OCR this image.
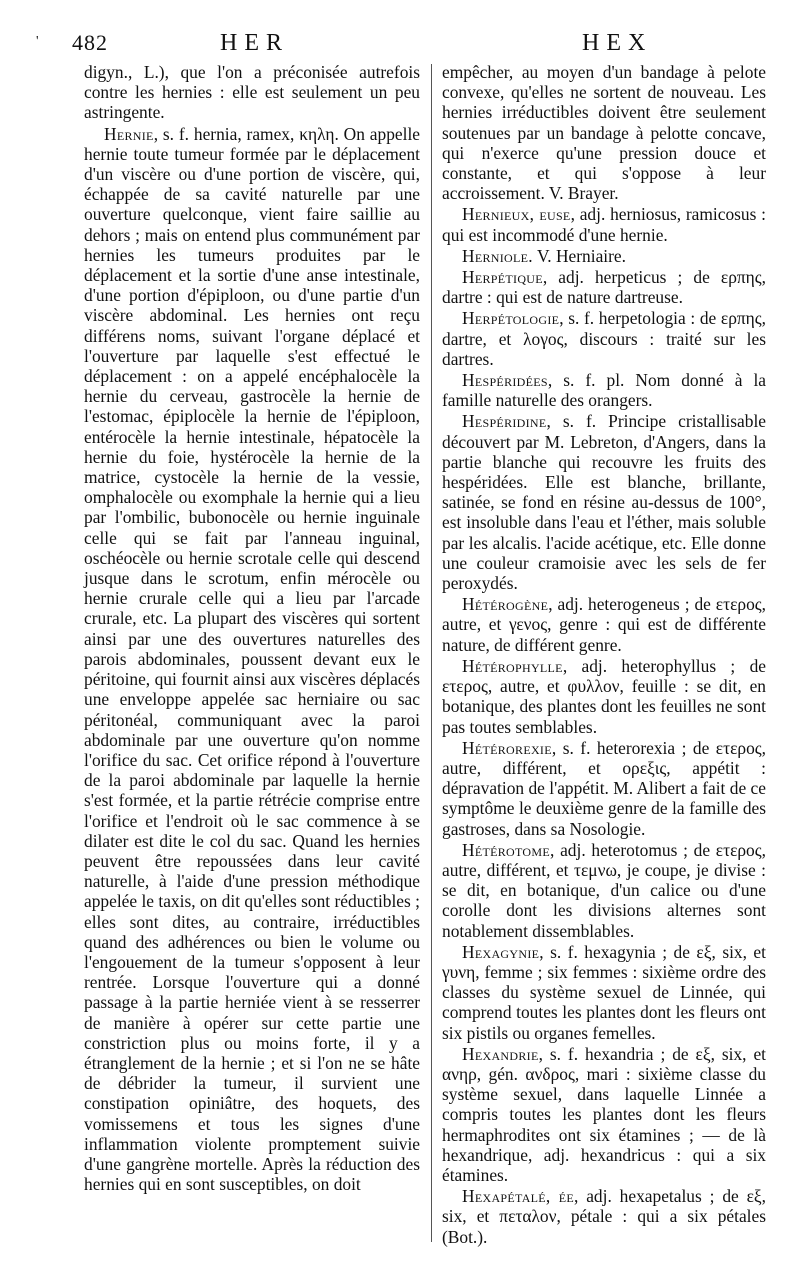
' 482	HER	HEX

digyn., L.), que l'on a préconisée autrefois contre les hernies : elle est seulement un peu astringente.

Hernie, s. f. hernia, ramex, κηλη. On appelle hernie toute tumeur formée par le déplacement d'un viscère ou d'une portion de viscère, qui, échappée de sa cavité naturelle par une ouverture quelconque, vient faire saillie au dehors ; mais on entend plus communément par hernies les tumeurs produites par le déplacement et la sortie d'une anse intestinale, d'une portion d'épiploon, ou d'une partie d'un viscère abdominal. Les hernies ont reçu différens noms, suivant l'organe déplacé et l'ouverture par laquelle s'est effectué le déplacement : on a appelé encéphalocèle la hernie du cerveau, gastrocèle la hernie de l'estomac, épiplocèle la hernie de l'épiploon, entérocèle la hernie intestinale, hépatocèle la hernie du foie, hystérocèle la hernie de la matrice, cystocèle la hernie de la vessie, omphalocèle ou exomphale la hernie qui a lieu par l'ombilic, bubonocèle ou hernie inguinale celle qui se fait par l'anneau inguinal, oschéocèle ou hernie scrotale celle qui descend jusque dans le scrotum, enfin mérocèle ou hernie crurale celle qui a lieu par l'arcade crurale, etc. La plupart des viscères qui sortent ainsi par une des ouvertures naturelles des parois abdominales, poussent devant eux le péritoine, qui fournit ainsi aux viscères déplacés une enveloppe appelée sac herniaire ou sac péritonéal, communiquant avec la paroi abdominale par une ouverture qu'on nomme l'orifice du sac. Cet orifice répond à l'ouverture de la paroi abdominale par laquelle la hernie s'est formée, et la partie rétrécie comprise entre l'orifice et l'endroit où le sac commence à se dilater est dite le col du sac. Quand les hernies peuvent être repoussées dans leur cavité naturelle, à l'aide d'une pression méthodique appelée le taxis, on dit qu'elles sont réductibles ; elles sont dites, au contraire, irréductibles quand des adhérences ou bien le volume ou l'engouement de la tumeur s'opposent à leur rentrée. Lorsque l'ouverture qui a donné passage à la partie herniée vient à se resserrer de manière à opérer sur cette partie une constriction plus ou moins forte, il y a étranglement de la hernie ; et si l'on ne se hâte de débrider la tumeur, il survient une constipation opiniâtre, des hoquets, des vomissemens et tous les signes d'une inflammation violente promptement suivie d'une gangrène mortelle. Après la réduction des hernies qui en sont susceptibles, on doit

empêcher, au moyen d'un bandage à pelote convexe, qu'elles ne sortent de nouveau. Les hernies irréductibles doivent être seulement soutenues par un bandage à pelotte concave, qui n'exerce qu'une pression douce et constante, et qui s'oppose à leur accroissement. V. Brayer.

Hernieux, euse, adj. herniosus, ramicosus : qui est incommodé d'une hernie.

Herniole. V. Herniaire.

Herpétique, adj. herpeticus ; de ερπης, dartre : qui est de nature dartreuse.

Herpétologie, s. f. herpetologia : de ερπης, dartre, et λογος, discours : traité sur les dartres.

Hespéridées, s. f. pl. Nom donné à la famille naturelle des orangers.

Hespéridine, s. f. Principe cristallisable découvert par M. Lebreton, d'Angers, dans la partie blanche qui recouvre les fruits des hespéridées. Elle est blanche, brillante, satinée, se fond en résine au-dessus de 100°, est insoluble dans l'eau et l'éther, mais soluble par les alcalis. l'acide acétique, etc. Elle donne une couleur cramoisie avec les sels de fer peroxydés.

Hétérogène, adj. heterogeneus ; de ετερος, autre, et γενος, genre : qui est de différente nature, de différent genre.

Hétérophylle, adj. heterophyllus ; de ετερος, autre, et φυλλον, feuille : se dit, en botanique, des plantes dont les feuilles ne sont pas toutes semblables.

Hétérorexie, s. f. heterorexia ; de ετερος, autre, différent, et ορεξις, appétit : dépravation de l'appétit. M. Alibert a fait de ce symptôme le deuxième genre de la famille des gastroses, dans sa Nosologie.

Hétérotome, adj. heterotomus ; de ετερος, autre, différent, et τεμνω, je coupe, je divise : se dit, en botanique, d'un calice ou d'une corolle dont les divisions alternes sont notablement dissemblables.

Hexagynie, s. f. hexagynia ; de εξ, six, et γυνη, femme ; six femmes : sixième ordre des classes du système sexuel de Linnée, qui comprend toutes les plantes dont les fleurs ont six pistils ou organes femelles.

Hexandrie, s. f. hexandria ; de εξ, six, et ανηρ, gén. ανδρος, mari : sixième classe du système sexuel, dans laquelle Linnée a compris toutes les plantes dont les fleurs hermaphrodites ont six étamines ; — de là hexandrique, adj. hexandricus : qui a six étamines.

Hexapétalé, ée, adj. hexapetalus ; de εξ, six, et πεταλον, pétale : qui a six pétales (Bot.).
